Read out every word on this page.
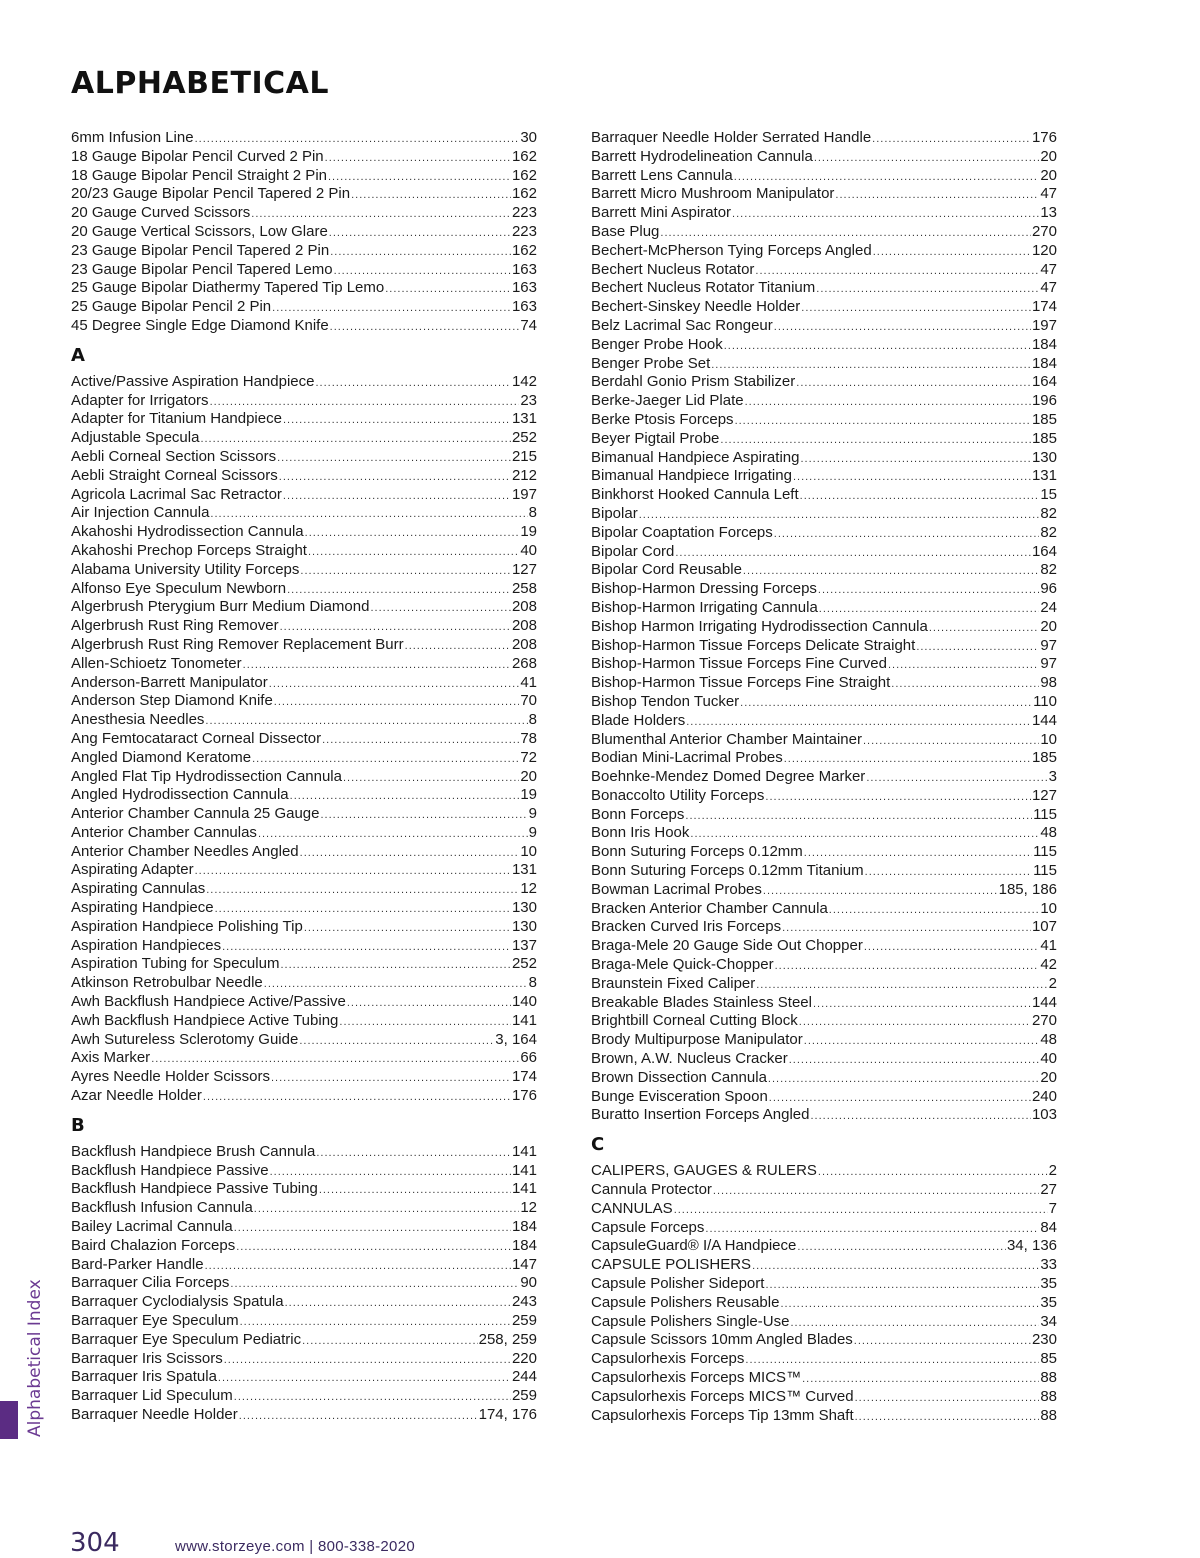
ALPHABETICAL
6mm Infusion Line .....	30
18 Gauge Bipolar Pencil Curved 2 Pin .....	162
18 Gauge Bipolar Pencil Straight 2 Pin .....	162
20/23 Gauge Bipolar Pencil Tapered 2 Pin .....	162
20 Gauge Curved Scissors .....	223
20 Gauge Vertical Scissors, Low Glare .....	223
23 Gauge Bipolar Pencil Tapered 2 Pin .....	162
23 Gauge Bipolar Pencil Tapered Lemo .....	163
25 Gauge Bipolar Diathermy Tapered Tip Lemo .....	163
25 Gauge Bipolar Pencil 2 Pin .....	163
45 Degree Single Edge Diamond Knife .....	74
A
Active/Passive Aspiration Handpiece .....	142
Adapter for Irrigators .....	23
Adapter for Titanium Handpiece .....	131
Adjustable Specula .....	252
Aebli Corneal Section Scissors .....	215
Aebli Straight Corneal Scissors .....	212
Agricola Lacrimal Sac Retractor .....	197
Air Injection Cannula .....	8
Akahoshi Hydrodissection Cannula .....	19
Akahoshi Prechop Forceps Straight .....	40
Alabama University Utility Forceps .....	127
Alfonso Eye Speculum Newborn .....	258
Algerbrush Pterygium Burr Medium Diamond .....	208
Algerbrush Rust Ring Remover .....	208
Algerbrush Rust Ring Remover Replacement Burr .....	208
Allen-Schioetz Tonometer .....	268
Anderson-Barrett Manipulator .....	41
Anderson Step Diamond Knife .....	70
Anesthesia Needles .....	8
Ang Femtocataract Corneal Dissector .....	78
Angled Diamond Keratome .....	72
Angled Flat Tip Hydrodissection Cannula .....	20
Angled Hydrodissection Cannula .....	19
Anterior Chamber Cannula 25 Gauge .....	9
Anterior Chamber Cannulas .....	9
Anterior Chamber Needles Angled .....	10
Aspirating Adapter .....	131
Aspirating Cannulas .....	12
Aspirating Handpiece .....	130
Aspiration Handpiece Polishing Tip .....	130
Aspiration Handpieces .....	137
Aspiration Tubing for Speculum .....	252
Atkinson Retrobulbar Needle .....	8
Awh Backflush Handpiece Active/Passive .....	140
Awh Backflush Handpiece Active Tubing .....	141
Awh Sutureless Sclerotomy Guide .....	3, 164
Axis Marker .....	66
Ayres Needle Holder Scissors .....	174
Azar Needle Holder .....	176
B
Backflush Handpiece Brush Cannula .....	141
Backflush Handpiece Passive .....	141
Backflush Handpiece Passive Tubing .....	141
Backflush Infusion Cannula .....	12
Bailey Lacrimal Cannula .....	184
Baird Chalazion Forceps .....	184
Bard-Parker Handle .....	147
Barraquer Cilia Forceps .....	90
Barraquer Cyclodialysis Spatula .....	243
Barraquer Eye Speculum .....	259
Barraquer Eye Speculum Pediatric .....	258, 259
Barraquer Iris Scissors .....	220
Barraquer Iris Spatula .....	244
Barraquer Lid Speculum .....	259
Barraquer Needle Holder .....	174, 176
Barraquer Needle Holder Serrated Handle .....	176
Barrett Hydrodelineation Cannula .....	20
Barrett Lens Cannula .....	20
Barrett Micro Mushroom Manipulator .....	47
Barrett Mini Aspirator .....	13
Base Plug .....	270
Bechert-McPherson Tying Forceps Angled .....	120
Bechert Nucleus Rotator .....	47
Bechert Nucleus Rotator Titanium .....	47
Bechert-Sinskey Needle Holder .....	174
Belz Lacrimal Sac Rongeur .....	197
Benger Probe Hook .....	184
Benger Probe Set .....	184
Berdahl Gonio Prism Stabilizer .....	164
Berke-Jaeger Lid Plate .....	196
Berke Ptosis Forceps .....	185
Beyer Pigtail Probe .....	185
Bimanual Handpiece Aspirating .....	130
Bimanual Handpiece Irrigating .....	131
Binkhorst Hooked Cannula Left .....	15
Bipolar .....	82
Bipolar Coaptation Forceps .....	82
Bipolar Cord .....	164
Bipolar Cord Reusable .....	82
Bishop-Harmon Dressing Forceps .....	96
Bishop-Harmon Irrigating Cannula .....	24
Bishop Harmon Irrigating Hydrodissection Cannula .....	20
Bishop-Harmon Tissue Forceps Delicate Straight .....	97
Bishop-Harmon Tissue Forceps Fine Curved .....	97
Bishop-Harmon Tissue Forceps Fine Straight .....	98
Bishop Tendon Tucker .....	110
Blade Holders .....	144
Blumenthal Anterior Chamber Maintainer .....	10
Bodian Mini-Lacrimal Probes .....	185
Boehnke-Mendez Domed Degree Marker .....	3
Bonaccolto Utility Forceps .....	127
Bonn Forceps .....	115
Bonn Iris Hook .....	48
Bonn Suturing Forceps 0.12mm .....	115
Bonn Suturing Forceps 0.12mm Titanium .....	115
Bowman Lacrimal Probes .....	185, 186
Bracken Anterior Chamber Cannula .....	10
Bracken Curved Iris Forceps .....	107
Braga-Mele 20 Gauge Side Out Chopper .....	41
Braga-Mele Quick-Chopper .....	42
Braunstein Fixed Caliper .....	2
Breakable Blades Stainless Steel .....	144
Brightbill Corneal Cutting Block .....	270
Brody Multipurpose Manipulator .....	48
Brown, A.W. Nucleus Cracker .....	40
Brown Dissection Cannula .....	20
Bunge Evisceration Spoon .....	240
Buratto Insertion Forceps Angled .....	103
C
CALIPERS, GAUGES & RULERS .....	2
Cannula Protector .....	27
CANNULAS .....	7
Capsule Forceps .....	84
CapsuleGuard® I/A Handpiece .....	34, 136
CAPSULE POLISHERS .....	33
Capsule Polisher Sideport .....	35
Capsule Polishers Reusable .....	35
Capsule Polishers Single-Use .....	34
Capsule Scissors 10mm Angled Blades .....	230
Capsulorhexis Forceps .....	85
Capsulorhexis Forceps MICS™ .....	88
Capsulorhexis Forceps MICS™ Curved .....	88
Capsulorhexis Forceps Tip 13mm Shaft .....	88
Alphabetical Index
304	www.storzeye.com | 800-338-2020
